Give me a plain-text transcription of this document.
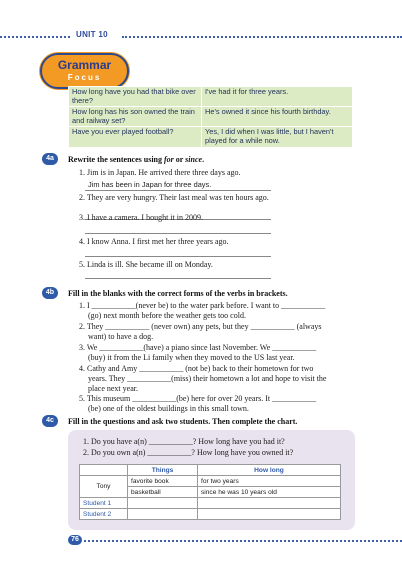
UNIT 10
Grammar
Focus
How long have you had that bike over there?	I've had it for three years.
How long has his son owned the train and railway set?	He's owned it since his fourth birthday.
Have you ever played football?	Yes, I did when I was little, but I haven't played for a while now.
4a	Rewrite the sentences using for or since.
1. Jim is in Japan. He arrived there three days ago.
Jim has been in Japan for three days.
2. They are very hungry. Their last meal was ten hours ago.
3. I have a camera. I bought it in 2009.
4. I know Anna. I first met her three years ago.
5. Linda is ill. She became ill on Monday.
4b	Fill in the blanks with the correct forms of the verbs in brackets.
1. I ___________(never be) to the water park before. I want to ___________
(go) next month before the weather gets too cold.
2. They ___________ (never own) any pets, but they ___________ (always
want) to have a dog.
3. We ___________(have) a piano since last November. We ___________
(buy) it from the Li family when they moved to the US last year.
4. Cathy and Amy ___________ (not be) back to their hometown for two
years. They ___________(miss) their hometown a lot and hope to visit the
place next year.
5. This museum ___________(be) here for over 20 years. It ___________
(be) one of the oldest buildings in this small town.
4c	Fill in the questions and ask two students. Then complete the chart.
1. Do you have a(n) ___________? How long have you had it?
2. Do you own a(n) ___________? How long have you owned it?
	Things	How long
Tony	favorite book	for two years
	basketball	since he was 10 years old
Student 1		
Student 2		
76
